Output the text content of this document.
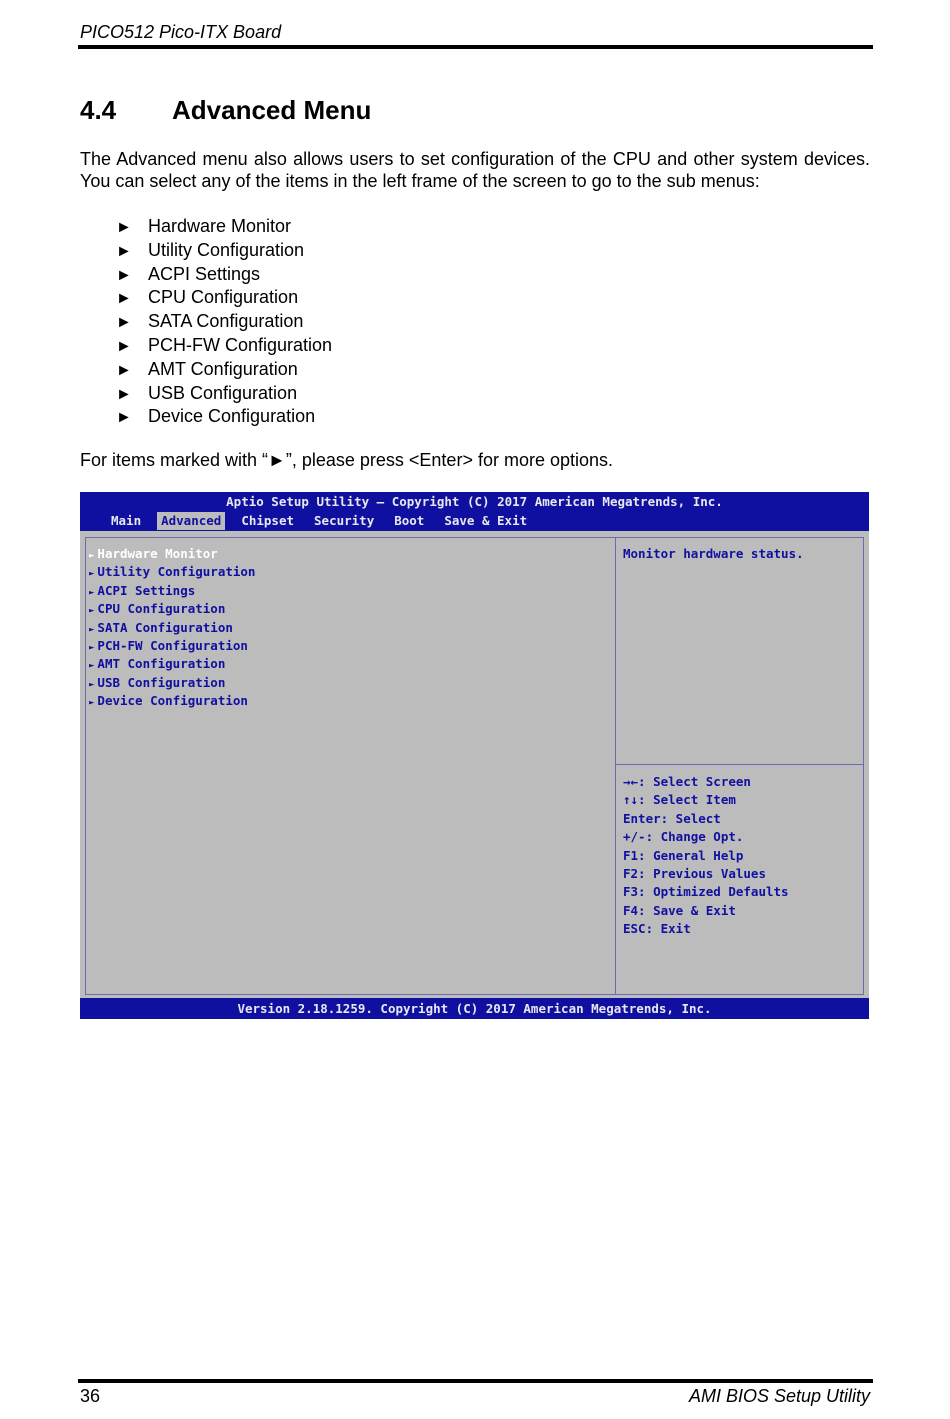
PICO512 Pico-ITX Board
4.4 Advanced Menu

The Advanced menu also allows users to set configuration of the CPU and other system devices. You can select any of the items in the left frame of the screen to go to the sub menus:

► Hardware Monitor
► Utility Configuration
► ACPI Settings
► CPU Configuration
► SATA Configuration
► PCH-FW Configuration
► AMT Configuration
► USB Configuration
► Device Configuration
For items marked with “►”, please press <Enter> for more options.
Aptio Setup Utility – Copyright (C) 2017 American Megatrends, Inc.
Main	Advanced	Chipset	Security	Boot	Save & Exit
► Hardware Monitor
► Utility Configuration
► ACPI Settings
► CPU Configuration
► SATA Configuration
► PCH-FW Configuration
► AMT Configuration
► USB Configuration
► Device Configuration
Monitor hardware status.
→←: Select Screen
↑↓: Select Item
Enter: Select
+/-: Change Opt.
F1: General Help
F2: Previous Values
F3: Optimized Defaults
F4: Save & Exit
ESC: Exit
Version 2.18.1259. Copyright (C) 2017 American Megatrends, Inc.
36	AMI BIOS Setup Utility
